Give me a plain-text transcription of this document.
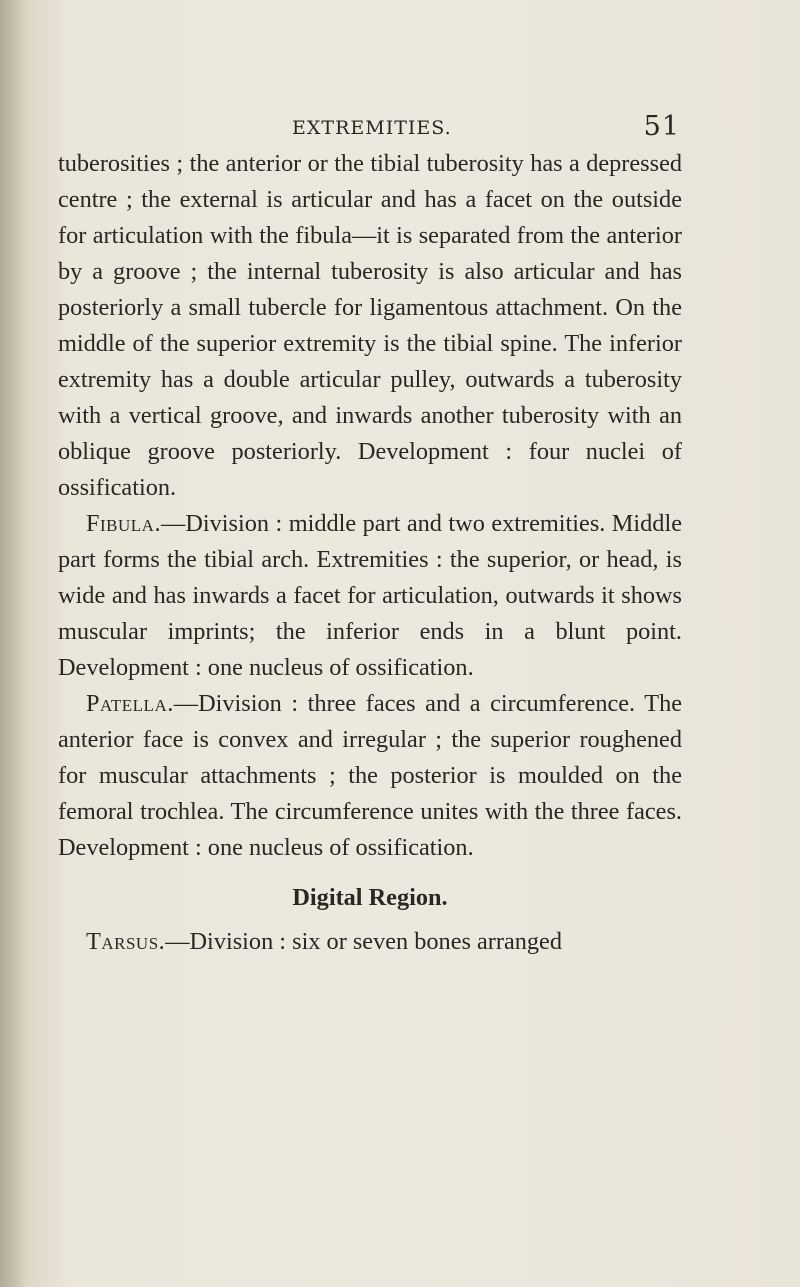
EXTREMITIES.	51

tuberosities ; the anterior or the tibial tuberosity has a depressed centre ; the external is articular and has a facet on the outside for articulation with the fibula—it is separated from the anterior by a groove ; the internal tuberosity is also articular and has posteriorly a small tubercle for ligamentous attachment. On the middle of the superior extremity is the tibial spine. The inferior extremity has a double articular pulley, outwards a tuberosity with a vertical groove, and inwards another tuberosity with an oblique groove posteriorly. Development : four nuclei of ossification.

Fibula.—Division : middle part and two extremities. Middle part forms the tibial arch. Extremities : the superior, or head, is wide and has inwards a facet for articulation, outwards it shows muscular imprints; the inferior ends in a blunt point. Development : one nucleus of ossification.

Patella.—Division : three faces and a circumference. The anterior face is convex and irregular ; the superior roughened for muscular attachments ; the posterior is moulded on the femoral trochlea. The circumference unites with the three faces. Development : one nucleus of ossification.

Digital Region.

Tarsus.—Division : six or seven bones arranged
